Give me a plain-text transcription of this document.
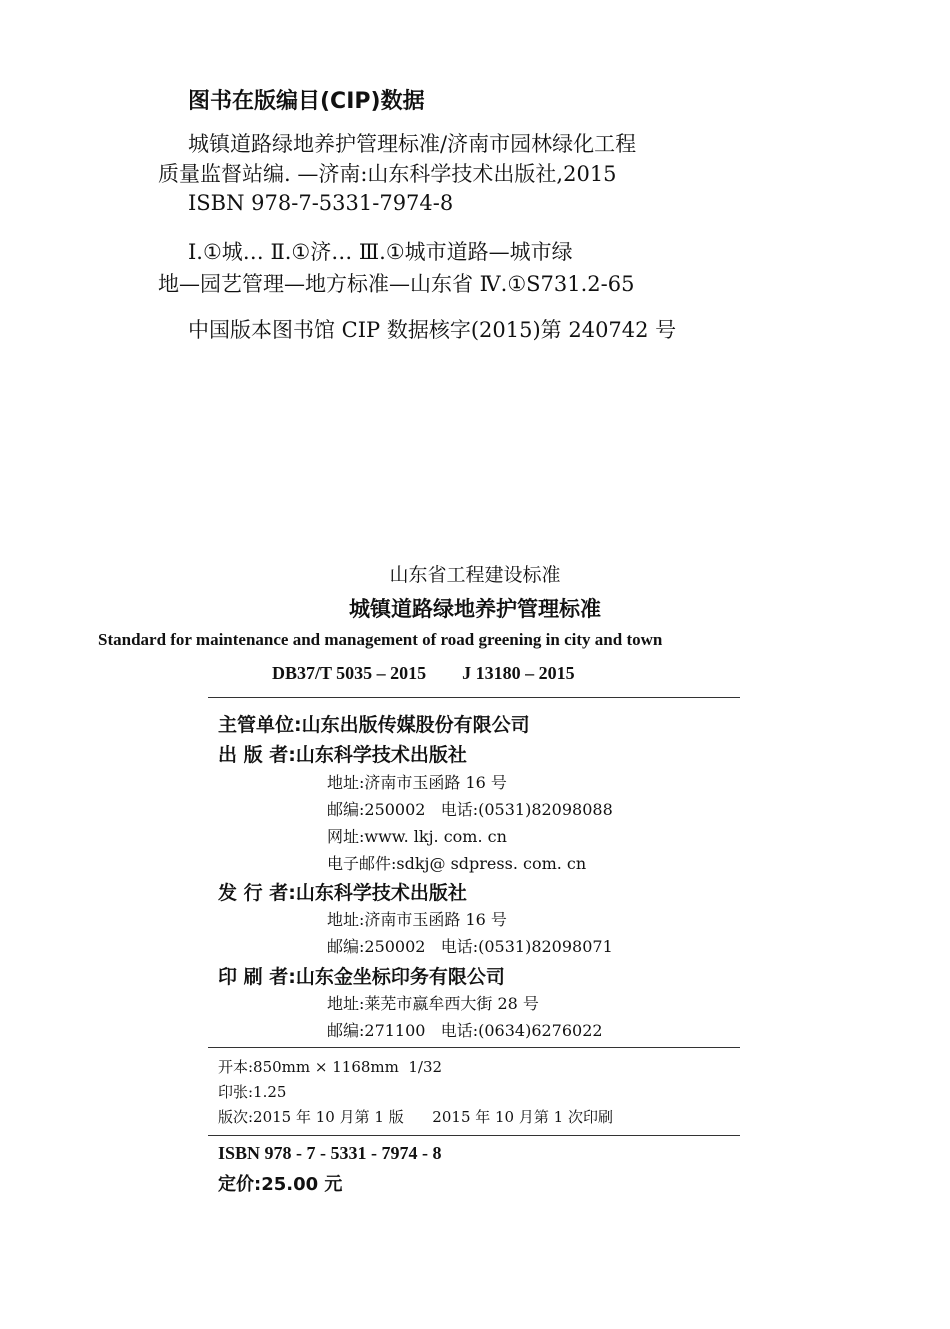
图书在版编目(CIP)数据
城镇道路绿地养护管理标准/济南市园林绿化工程
质量监督站编. —济南:山东科学技术出版社,2015
ISBN 978-7-5331-7974-8
Ⅰ.①城… Ⅱ.①济… Ⅲ.①城市道路—城市绿
地—园艺管理—地方标准—山东省 Ⅳ.①S731.2-65
中国版本图书馆 CIP 数据核字(2015)第 240742 号
山东省工程建设标准
城镇道路绿地养护管理标准
Standard for maintenance and management of road greening in city and town
DB37/T 5035 – 2015        J 13180 – 2015
主管单位:山东出版传媒股份有限公司
出 版 者:山东科学技术出版社
地址:济南市玉函路 16 号
邮编:250002   电话:(0531)82098088
网址:www. lkj. com. cn
电子邮件:sdkj@ sdpress. com. cn
发 行 者:山东科学技术出版社
地址:济南市玉函路 16 号
邮编:250002   电话:(0531)82098071
印 刷 者:山东金坐标印务有限公司
地址:莱芜市嬴牟西大街 28 号
邮编:271100   电话:(0634)6276022
开本:850mm × 1168mm  1/32
印张:1.25
版次:2015 年 10 月第 1 版      2015 年 10 月第 1 次印刷
ISBN 978 - 7 - 5331 - 7974 - 8
定价:25.00 元
